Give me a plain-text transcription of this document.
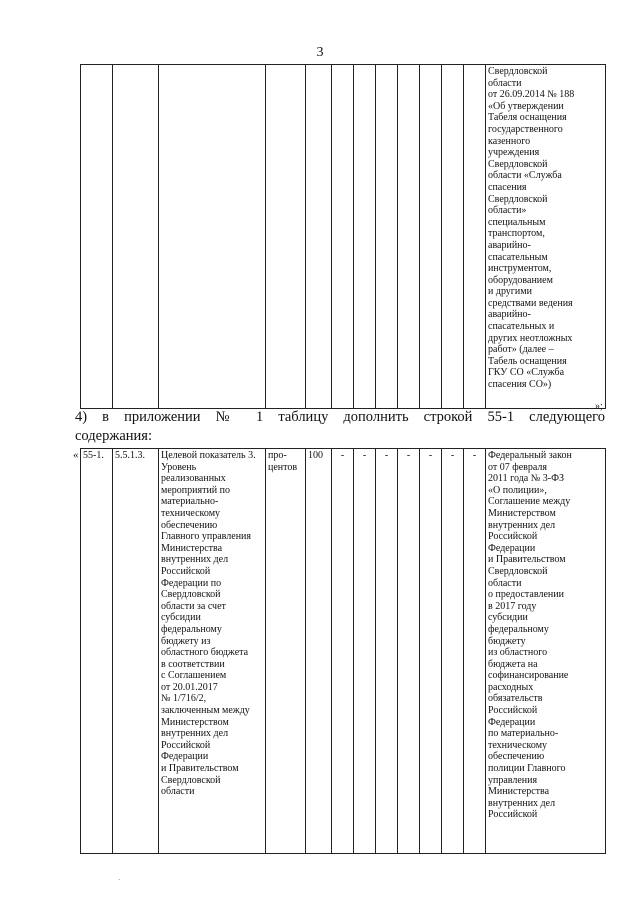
3
												Свердловской
области
от 26.09.2014 № 188
«Об утверждении
Табеля оснащения
государственного
казенного
учреждения
Свердловской
области «Служба
спасения
Свердловской
области»
специальным
транспортом,
аварийно-
спасательным
инструментом,
оборудованием
и другими
средствами ведения
аварийно-
спасательных и
других неотложных
работ» (далее –
Табель оснащения
ГКУ СО «Служба
спасения СО»)
»;
4) в приложении № 1 таблицу дополнить строкой 55-1 следующего
содержания:
« 55-1.	5.5.1.3.	Целевой показатель 3.
Уровень
реализованных
мероприятий по
материально-
техническому
обеспечению
Главного управления
Министерства
внутренних дел
Российской
Федерации по
Свердловской
области за счет
субсидии
федеральному
бюджету из
областного бюджета
в соответствии
с Соглашением
от 20.01.2017
№ 1/716/2,
заключенным между
Министерством
внутренних дел
Российской
Федерации
и Правительством
Свердловской
области	про-
центов	100	-	-	-	-	-	-	-	Федеральный закон
от 07 февраля
2011 года № 3-ФЗ
«О полиции»,
Соглашение между
Министерством
внутренних дел
Российской
Федерации
и Правительством
Свердловской
области
о предоставлении
в 2017 году
субсидии
федеральному
бюджету
из областного
бюджета на
софинансирование
расходных
обязательств
Российской
Федерации
по материально-
техническому
обеспечению
полиции Главного
управления
Министерства
внутренних дел
Российской
·
